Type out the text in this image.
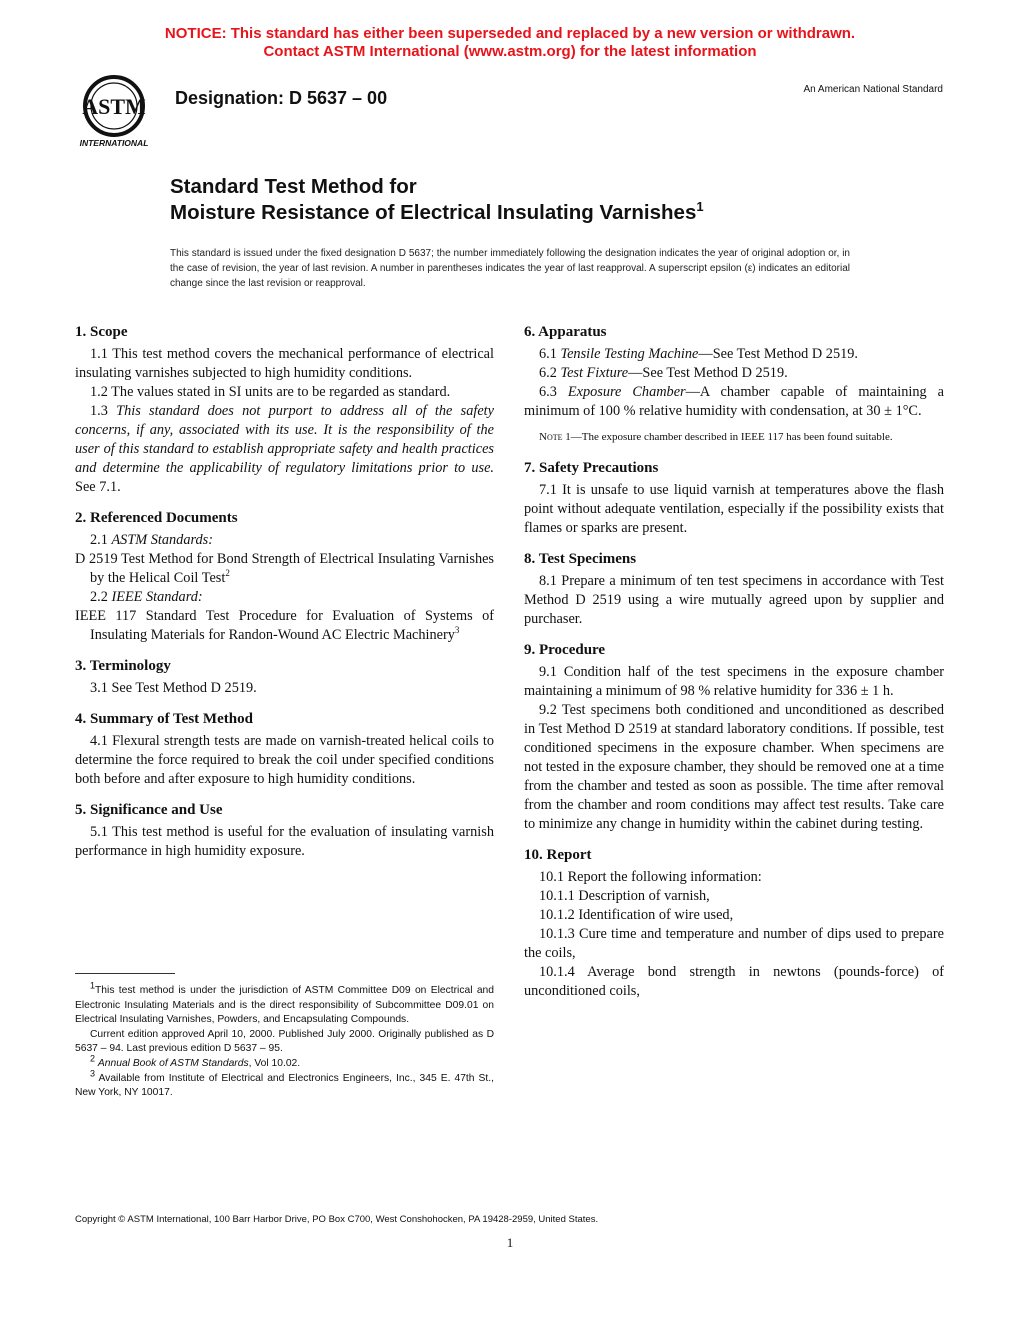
NOTICE: This standard has either been superseded and replaced by a new version or withdrawn.
Contact ASTM International (www.astm.org) for the latest information
ASTM
INTERNATIONAL
Designation: D 5637 – 00	An American National Standard
Standard Test Method for
Moisture Resistance of Electrical Insulating Varnishes$^1$
This standard is issued under the fixed designation D 5637; the number immediately following the designation indicates the year of original adoption or, in the case of revision, the year of last revision. A number in parentheses indicates the year of last reapproval. A superscript epsilon (ε) indicates an editorial change since the last revision or reapproval.
1. Scope

1.1 This test method covers the mechanical performance of electrical insulating varnishes subjected to high humidity conditions.

1.2 The values stated in SI units are to be regarded as standard.

1.3 This standard does not purport to address all of the safety concerns, if any, associated with its use. It is the responsibility of the user of this standard to establish appropriate safety and health practices and determine the applicability of regulatory limitations prior to use. See 7.1.

2. Referenced Documents

2.1 ASTM Standards:

D 2519 Test Method for Bond Strength of Electrical Insulating Varnishes by the Helical Coil Test$^2$

2.2 IEEE Standard:

IEEE 117 Standard Test Procedure for Evaluation of Systems of Insulating Materials for Randon-Wound AC Electric Machinery$^3$

3. Terminology

3.1 See Test Method D 2519.

4. Summary of Test Method

4.1 Flexural strength tests are made on varnish-treated helical coils to determine the force required to break the coil under specified conditions both before and after exposure to high humidity conditions.

5. Significance and Use

5.1 This test method is useful for the evaluation of insulating varnish performance in high humidity exposure.

$^1$This test method is under the jurisdiction of ASTM Committee D09 on Electrical and Electronic Insulating Materials and is the direct responsibility of Subcommittee D09.01 on Electrical Insulating Varnishes, Powders, and Encapsulating Compounds.

Current edition approved April 10, 2000. Published July 2000. Originally published as D 5637 – 94. Last previous edition D 5637 – 95.

$^2$ Annual Book of ASTM Standards, Vol 10.02.

$^3$ Available from Institute of Electrical and Electronics Engineers, Inc., 345 E. 47th St., New York, NY 10017.

6. Apparatus

6.1 Tensile Testing Machine—See Test Method D 2519.

6.2 Test Fixture—See Test Method D 2519.

6.3 Exposure Chamber—A chamber capable of maintaining a minimum of 100 % relative humidity with condensation, at 30 ± 1°C.

Note 1—The exposure chamber described in IEEE 117 has been found suitable.

7. Safety Precautions

7.1 It is unsafe to use liquid varnish at temperatures above the flash point without adequate ventilation, especially if the possibility exists that flames or sparks are present.

8. Test Specimens

8.1 Prepare a minimum of ten test specimens in accordance with Test Method D 2519 using a wire mutually agreed upon by supplier and purchaser.

9. Procedure

9.1 Condition half of the test specimens in the exposure chamber maintaining a minimum of 98 % relative humidity for 336 ± 1 h.

9.2 Test specimens both conditioned and unconditioned as described in Test Method D 2519 at standard laboratory conditions. If possible, test conditioned specimens in the exposure chamber. When specimens are not tested in the exposure chamber, they should be removed one at a time from the chamber and tested as soon as possible. The time after removal from the chamber and room conditions may affect test results. Take care to minimize any change in humidity within the cabinet during testing.

10. Report

10.1 Report the following information:

10.1.1 Description of varnish,

10.1.2 Identification of wire used,

10.1.3 Cure time and temperature and number of dips used to prepare the coils,

10.1.4 Average bond strength in newtons (pounds-force) of unconditioned coils,

Copyright © ASTM International, 100 Barr Harbor Drive, PO Box C700, West Conshohocken, PA 19428-2959, United States.
1
